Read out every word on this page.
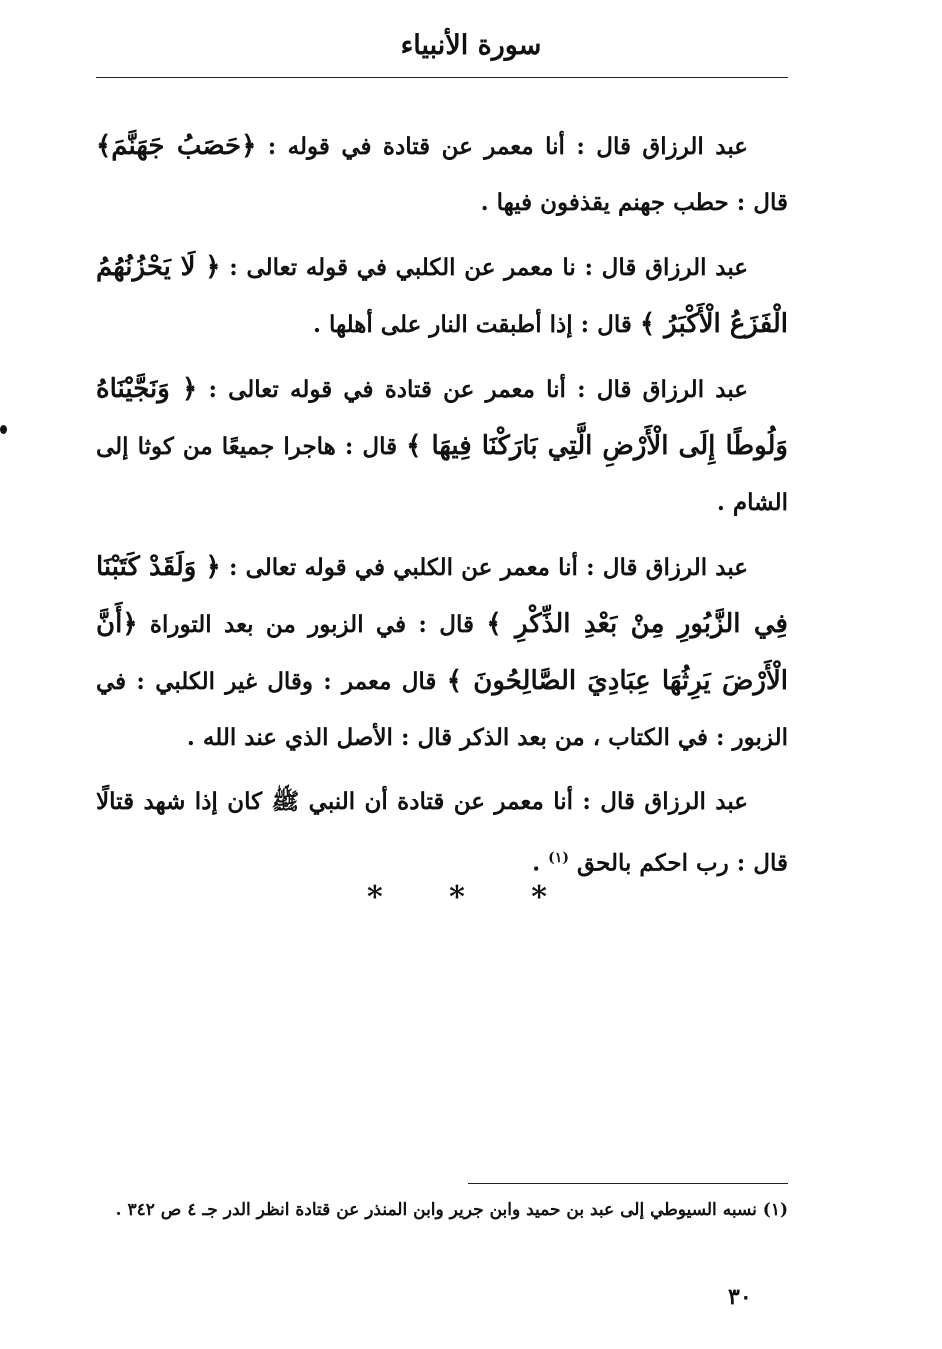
سورة الأنبياء

عبد الرزاق قال : أنا معمر عن قتادة في قوله : ﴿حَصَبُ جَهَنَّمَ﴾ قال : حطب جهنم يقذفون فيها .

عبد الرزاق قال : نا معمر عن الكلبي في قوله تعالى : ﴿ لَا يَحْزُنُهُمُ الْفَزَعُ الْأَكْبَرُ ﴾ قال : إذا أطبقت النار على أهلها .

عبد الرزاق قال : أنا معمر عن قتادة في قوله تعالى : ﴿ وَنَجَّيْنَاهُ وَلُوطًا إِلَى الْأَرْضِ الَّتِي بَارَكْنَا فِيهَا ﴾ قال : هاجرا جميعًا من كوثا إلى الشام .

عبد الرزاق قال : أنا معمر عن الكلبي في قوله تعالى : ﴿ وَلَقَدْ كَتَبْنَا فِي الزَّبُورِ مِنْ بَعْدِ الذِّكْرِ ﴾ قال : في الزبور من بعد التوراة ﴿أَنَّ الْأَرْضَ يَرِثُهَا عِبَادِيَ الصَّالِحُونَ ﴾ قال معمر : وقال غير الكلبي : في الزبور : في الكتاب ، من بعد الذكر قال : الأصل الذي عند الله .

عبد الرزاق قال : أنا معمر عن قتادة أن النبي ﷺ كان إذا شهد قتالًا قال : رب احكم بالحق $^{(١)}$ .

* * *
(١) نسبه السيوطي إلى عبد بن حميد وابن جرير وابن المنذر عن قتادة انظر الدر جـ ٤ ص ٣٤٢ .
٣٠
